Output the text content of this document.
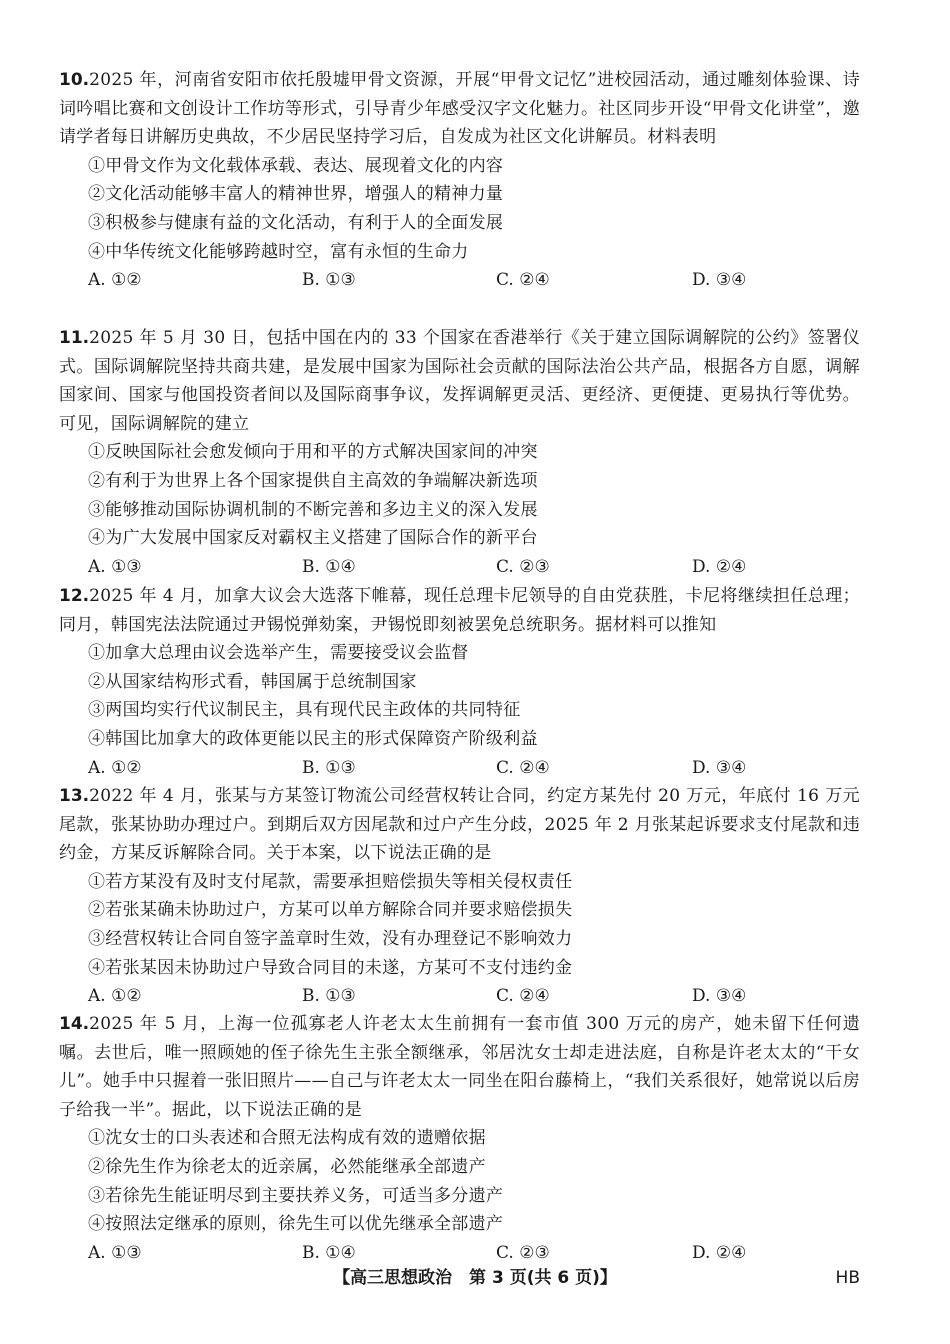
10.2025 年，河南省安阳市依托殷墟甲骨文资源，开展“甲骨文记忆”进校园活动，通过雕刻体验课、诗词吟唱比赛和文创设计工作坊等形式，引导青少年感受汉字文化魅力。社区同步开设“甲骨文化讲堂”，邀请学者每日讲解历史典故，不少居民坚持学习后，自发成为社区文化讲解员。材料表明
①甲骨文作为文化载体承载、表达、展现着文化的内容
②文化活动能够丰富人的精神世界，增强人的精神力量
③积极参与健康有益的文化活动，有利于人的全面发展
④中华传统文化能够跨越时空，富有永恒的生命力
A. ①②	B. ①③	C. ②④	D. ③④
11.2025 年 5 月 30 日，包括中国在内的 33 个国家在香港举行《关于建立国际调解院的公约》签署仪式。国际调解院坚持共商共建，是发展中国家为国际社会贡献的国际法治公共产品，根据各方自愿，调解国家间、国家与他国投资者间以及国际商事争议，发挥调解更灵活、更经济、更便捷、更易执行等优势。可见，国际调解院的建立
①反映国际社会愈发倾向于用和平的方式解决国家间的冲突
②有利于为世界上各个国家提供自主高效的争端解决新选项
③能够推动国际协调机制的不断完善和多边主义的深入发展
④为广大发展中国家反对霸权主义搭建了国际合作的新平台
A. ①③	B. ①④	C. ②③	D. ②④
12.2025 年 4 月，加拿大议会大选落下帷幕，现任总理卡尼领导的自由党获胜，卡尼将继续担任总理；同月，韩国宪法法院通过尹锡悦弹劾案，尹锡悦即刻被罢免总统职务。据材料可以推知
①加拿大总理由议会选举产生，需要接受议会监督
②从国家结构形式看，韩国属于总统制国家
③两国均实行代议制民主，具有现代民主政体的共同特征
④韩国比加拿大的政体更能以民主的形式保障资产阶级利益
A. ①②	B. ①③	C. ②④	D. ③④
13.2022 年 4 月，张某与方某签订物流公司经营权转让合同，约定方某先付 20 万元，年底付 16 万元尾款，张某协助办理过户。到期后双方因尾款和过户产生分歧，2025 年 2 月张某起诉要求支付尾款和违约金，方某反诉解除合同。关于本案，以下说法正确的是
①若方某没有及时支付尾款，需要承担赔偿损失等相关侵权责任
②若张某确未协助过户，方某可以单方解除合同并要求赔偿损失
③经营权转让合同自签字盖章时生效，没有办理登记不影响效力
④若张某因未协助过户导致合同目的未遂，方某可不支付违约金
A. ①②	B. ①③	C. ②④	D. ③④
14.2025 年 5 月，上海一位孤寡老人许老太太生前拥有一套市值 300 万元的房产，她未留下任何遗嘱。去世后，唯一照顾她的侄子徐先生主张全额继承，邻居沈女士却走进法庭，自称是许老太太的“干女儿”。她手中只握着一张旧照片——自己与许老太太一同坐在阳台藤椅上，“我们关系很好，她常说以后房子给我一半”。据此，以下说法正确的是
①沈女士的口头表述和合照无法构成有效的遗赠依据
②徐先生作为徐老太的近亲属，必然能继承全部遗产
③若徐先生能证明尽到主要扶养义务，可适当多分遗产
④按照法定继承的原则，徐先生可以优先继承全部遗产
A. ①③	B. ①④	C. ②③	D. ②④
【高三思想政治　第 3 页(共 6 页)】	HB
